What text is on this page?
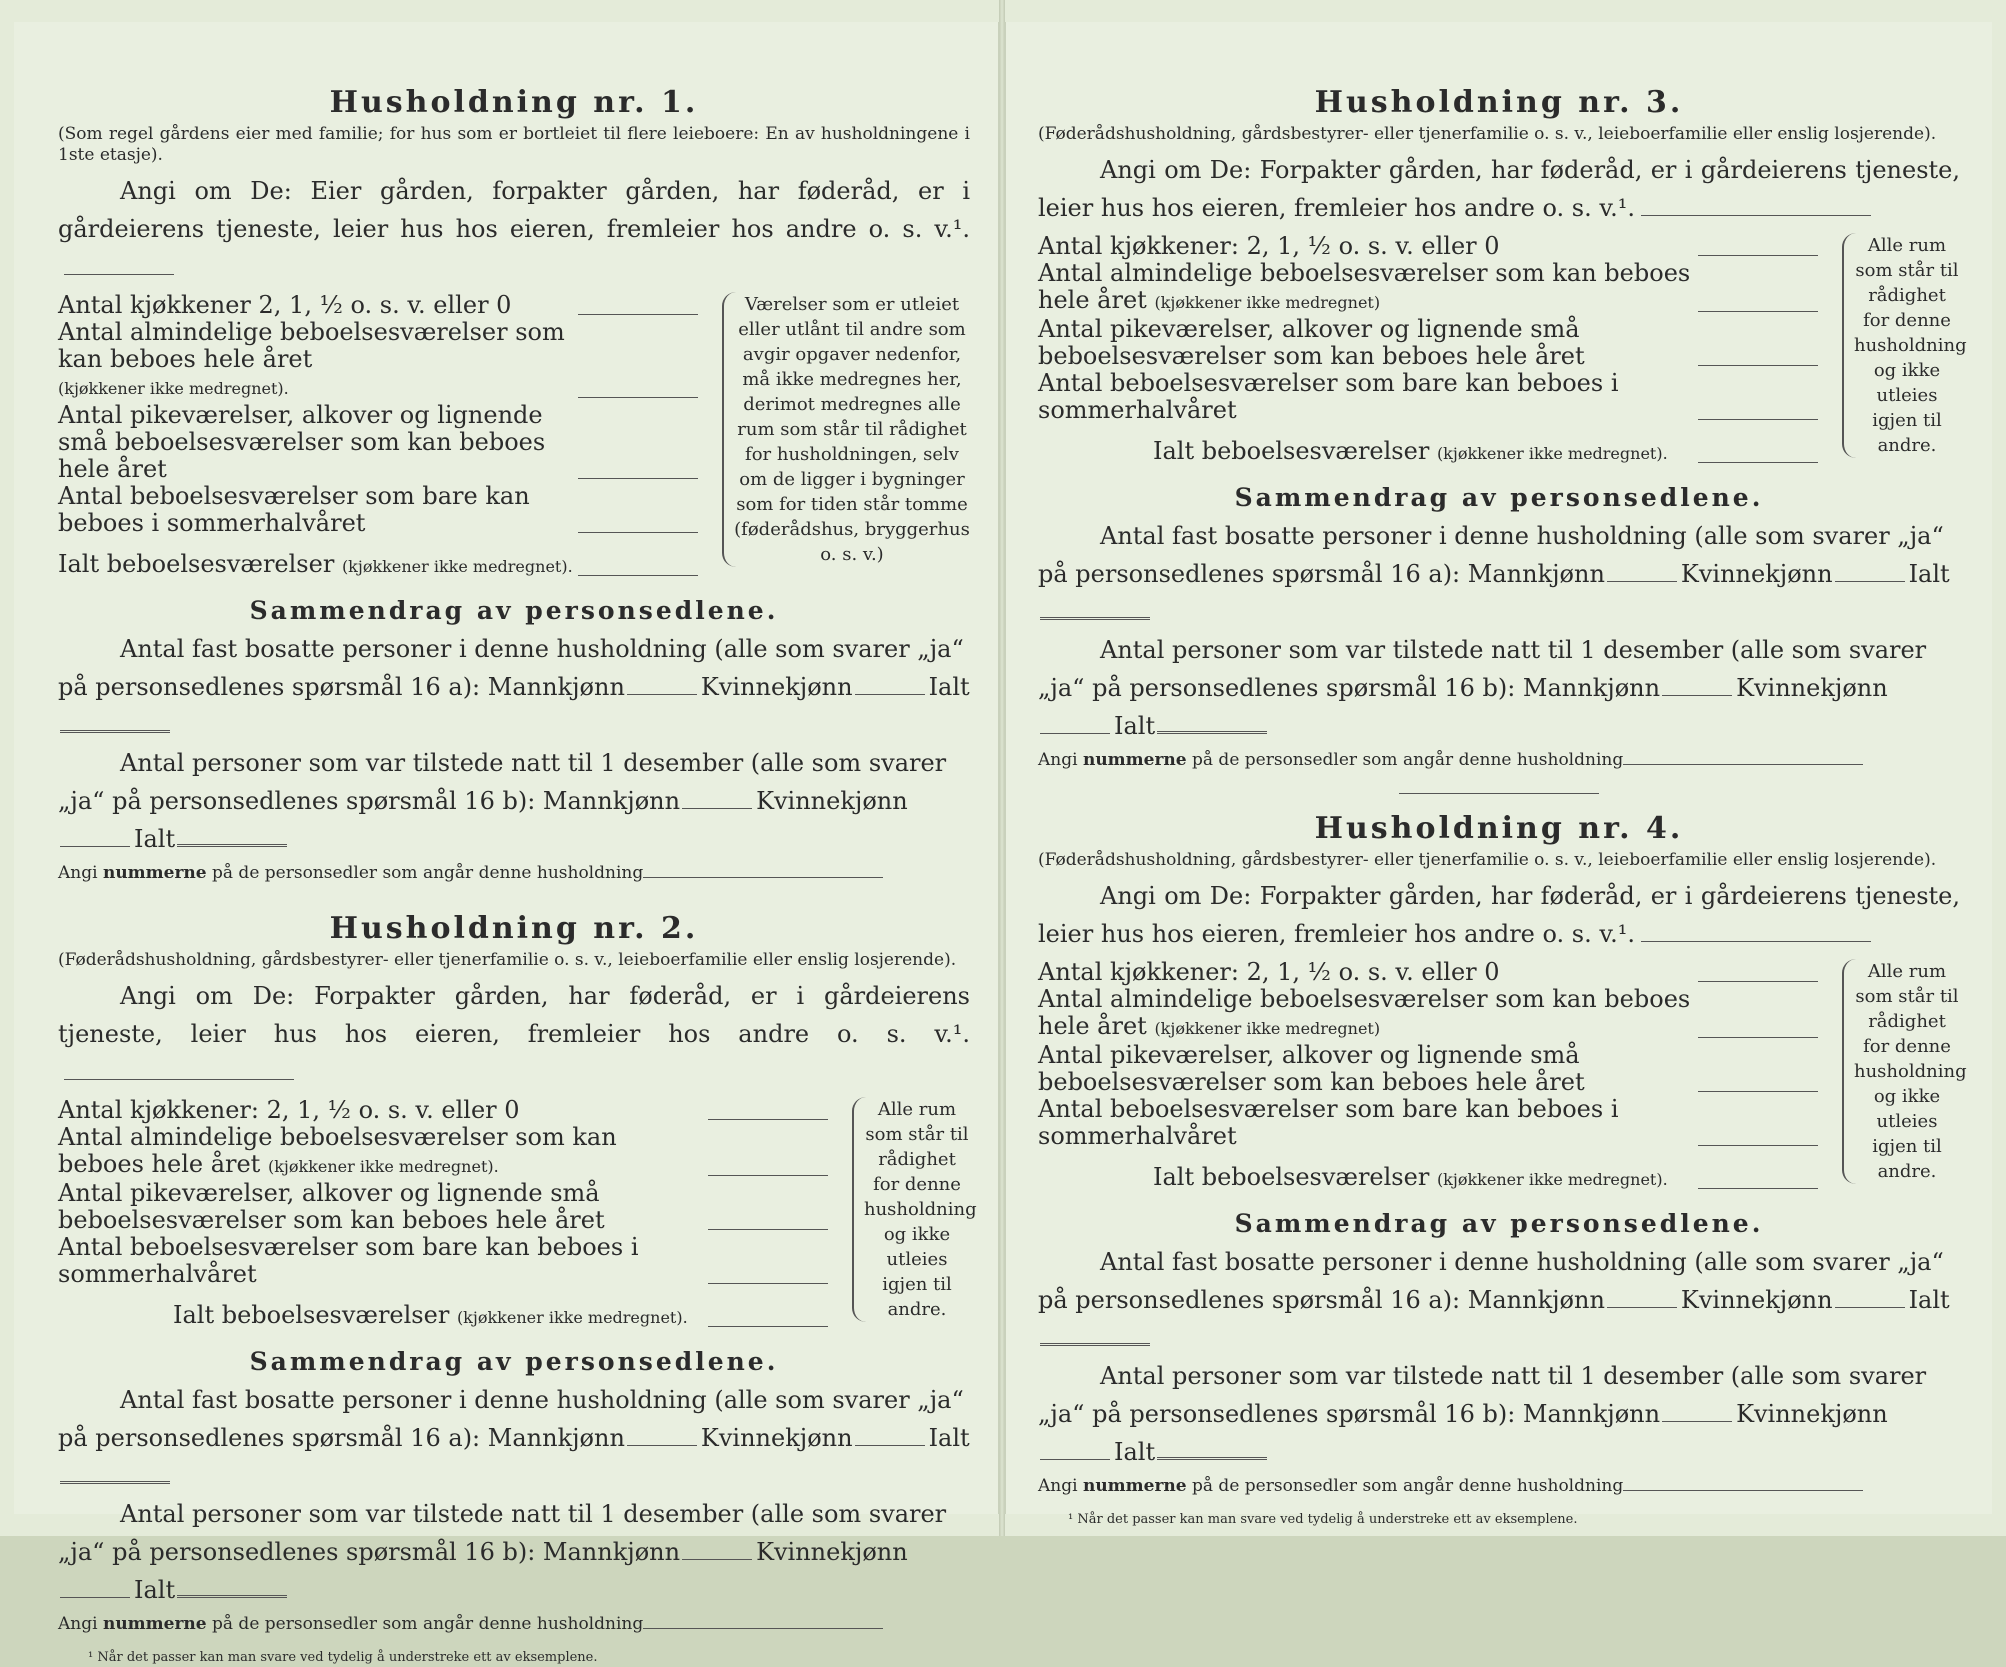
Husholdning nr. 1.
(Som regel gårdens eier med familie; for hus som er bortleiet til flere leieboere: En av husholdningene i 1ste etasje).
Angi om De: Eier gården, forpakter gården, har føderåd, er i gårdeierens tjeneste, leier hus hos eieren, fremleier hos andre o. s. v.¹.
Antal kjøkkener 2, 1, ½ o. s. v. eller 0
Antal almindelige beboelsesværelser som kan beboes hele året
(kjøkkener ikke medregnet).
Antal pikeværelser, alkover og lignende små beboelsesværelser som kan beboes hele året
Antal beboelsesværelser som bare kan beboes i sommerhalvåret
Ialt beboelsesværelser (kjøkkener ikke medregnet).
Værelser som er utleiet eller utlånt til andre som avgir opgaver nedenfor, må ikke medregnes her, derimot medregnes alle rum som står til rådighet for husholdningen, selv om de ligger i bygninger som for tiden står tomme (føderådshus, bryggerhus o. s. v.)
Sammendrag av personsedlene.
Antal fast bosatte personer i denne husholdning (alle som svarer „ja“ på personsedlenes spørsmål 16 a): Mannkjønn	Kvinnekjønn	Ialt
Antal personer som var tilstede natt til 1 desember (alle som svarer „ja“ på personsedlenes spørsmål 16 b): Mannkjønn	KvinnekjønnIalt
Angi nummerne på de personsedler som angår denne husholdning
Husholdning nr. 2.
(Føderådshusholdning, gårdsbestyrer- eller tjenerfamilie o. s. v., leieboerfamilie eller enslig losjerende).
Angi om De: Forpakter gården, har føderåd, er i gårdeierens tjeneste, leier hus hos eieren, fremleier hos andre o. s. v.¹.
Antal kjøkkener: 2, 1, ½ o. s. v. eller 0
Antal almindelige beboelsesværelser som kan beboes hele året (kjøkkener ikke medregnet).
Antal pikeværelser, alkover og lignende små beboelsesværelser som kan beboes hele året
Antal beboelsesværelser som bare kan beboes i sommerhalvåret
Ialt beboelsesværelser (kjøkkener ikke medregnet).
Alle rum som står til rådighet for denne husholdning og ikke utleies igjen til andre.
Sammendrag av personsedlene.
Antal fast bosatte personer i denne husholdning (alle som svarer „ja“ på personsedlenes spørsmål 16 a): Mannkjønn	Kvinnekjønn	Ialt
Antal personer som var tilstede natt til 1 desember (alle som svarer „ja“ på personsedlenes spørsmål 16 b): Mannkjønn	KvinnekjønnIalt
Angi nummerne på de personsedler som angår denne husholdning
¹ Når det passer kan man svare ved tydelig å understreke ett av eksemplene.
Husholdning nr. 3.
(Føderådshusholdning, gårdsbestyrer- eller tjenerfamilie o. s. v., leieboerfamilie eller enslig losjerende).
Angi om De: Forpakter gården, har føderåd, er i gårdeierens tjeneste, leier hus hos eieren, fremleier hos andre o. s. v.¹.
Antal kjøkkener: 2, 1, ½ o. s. v. eller 0
Antal almindelige beboelsesværelser som kan beboes hele året (kjøkkener ikke medregnet)
Antal pikeværelser, alkover og lignende små beboelsesværelser som kan beboes hele året
Antal beboelsesværelser som bare kan beboes i sommerhalvåret
Ialt beboelsesværelser (kjøkkener ikke medregnet).
Alle rum som står til rådighet for denne husholdning og ikke utleies igjen til andre.
Sammendrag av personsedlene.
Antal fast bosatte personer i denne husholdning (alle som svarer „ja“ på personsedlenes spørsmål 16 a): Mannkjønn	Kvinnekjønn	Ialt
Antal personer som var tilstede natt til 1 desember (alle som svarer „ja“ på personsedlenes spørsmål 16 b): Mannkjønn	KvinnekjønnIalt
Angi nummerne på de personsedler som angår denne husholdning
Husholdning nr. 4.
(Føderådshusholdning, gårdsbestyrer- eller tjenerfamilie o. s. v., leieboerfamilie eller enslig losjerende).
Angi om De: Forpakter gården, har føderåd, er i gårdeierens tjeneste, leier hus hos eieren, fremleier hos andre o. s. v.¹.
Antal kjøkkener: 2, 1, ½ o. s. v. eller 0
Antal almindelige beboelsesværelser som kan beboes hele året (kjøkkener ikke medregnet)
Antal pikeværelser, alkover og lignende små beboelsesværelser som kan beboes hele året
Antal beboelsesværelser som bare kan beboes i sommerhalvåret
Ialt beboelsesværelser (kjøkkener ikke medregnet).
Alle rum som står til rådighet for denne husholdning og ikke utleies igjen til andre.
Sammendrag av personsedlene.
Antal fast bosatte personer i denne husholdning (alle som svarer „ja“ på personsedlenes spørsmål 16 a): Mannkjønn	Kvinnekjønn	Ialt
Antal personer som var tilstede natt til 1 desember (alle som svarer „ja“ på personsedlenes spørsmål 16 b): Mannkjønn	KvinnekjønnIalt
Angi nummerne på de personsedler som angår denne husholdning
¹ Når det passer kan man svare ved tydelig å understreke ett av eksemplene.
